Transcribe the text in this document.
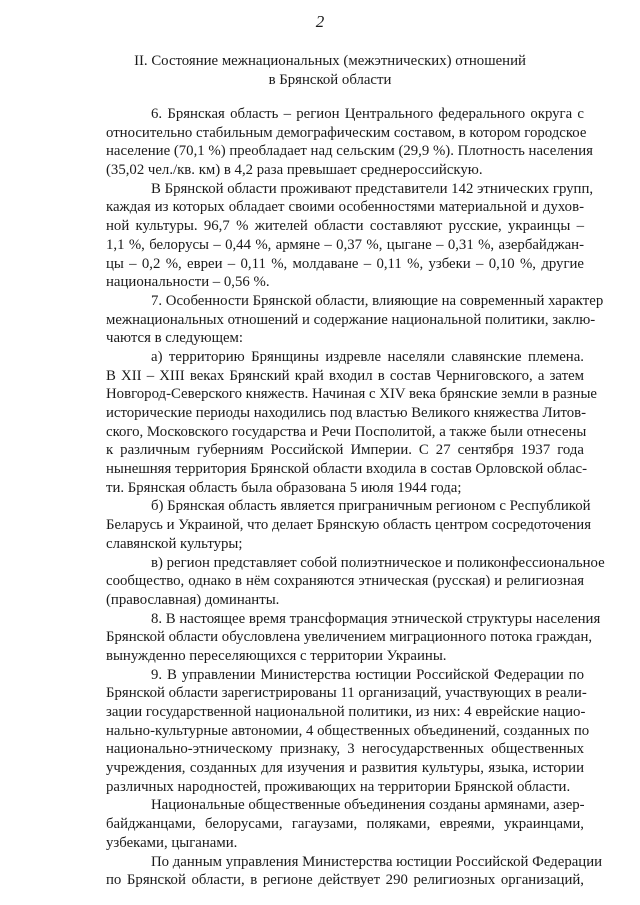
2
II. Состояние межнациональных (межэтнических) отношений
в Брянской области
6. Брянская область – регион Центрального федерального округа с
относительно стабильным демографическим составом, в котором городское
население (70,1 %) преобладает над сельским (29,9 %). Плотность населения
(35,02 чел./кв. км) в 4,2 раза превышает среднероссийскую.
В Брянской области проживают представители 142 этнических групп,
каждая из которых обладает своими особенностями материальной и духов-
ной культуры. 96,7 % жителей области составляют русские, украинцы –
1,1 %, белорусы – 0,44 %, армяне – 0,37 %, цыгане – 0,31 %, азербайджан-
цы – 0,2 %, евреи – 0,11 %, молдаване – 0,11 %, узбеки – 0,10 %, другие
национальности – 0,56 %.
7. Особенности Брянской области, влияющие на современный характер
межнациональных отношений и содержание национальной политики, заклю-
чаются в следующем:
а) территорию Брянщины издревле населяли славянские племена.
В XII – XIII веках Брянский край входил в состав Черниговского, а затем
Новгород-Северского княжеств. Начиная с XIV века брянские земли в разные
исторические периоды находились под властью Великого княжества Литов-
ского, Московского государства и Речи Посполитой, а также были отнесены
к различным губерниям Российской Империи. С 27 сентября 1937 года
нынешняя территория Брянской области входила в состав Орловской облас-
ти. Брянская область была образована 5 июля 1944 года;
б) Брянская область является приграничным регионом с Республикой
Беларусь и Украиной, что делает Брянскую область центром сосредоточения
славянской культуры;
в) регион представляет собой полиэтническое и поликонфессиональное
сообщество, однако в нём сохраняются этническая (русская) и религиозная
(православная) доминанты.
8. В настоящее время трансформация этнической структуры населения
Брянской области обусловлена увеличением миграционного потока граждан,
вынужденно переселяющихся с территории Украины.
9. В управлении Министерства юстиции Российской Федерации по
Брянской области зарегистрированы 11 организаций, участвующих в реали-
зации государственной национальной политики, из них: 4 еврейские нацио-
нально-культурные автономии, 4 общественных объединений, созданных по
национально-этническому признаку, 3 негосударственных общественных
учреждения, созданных для изучения и развития культуры, языка, истории
различных народностей, проживающих на территории Брянской области.
Национальные общественные объединения созданы армянами, азер-
байджанцами, белорусами, гагаузами, поляками, евреями, украинцами,
узбеками, цыганами.
По данным управления Министерства юстиции Российской Федерации
по Брянской области, в регионе действует 290 религиозных организаций,
